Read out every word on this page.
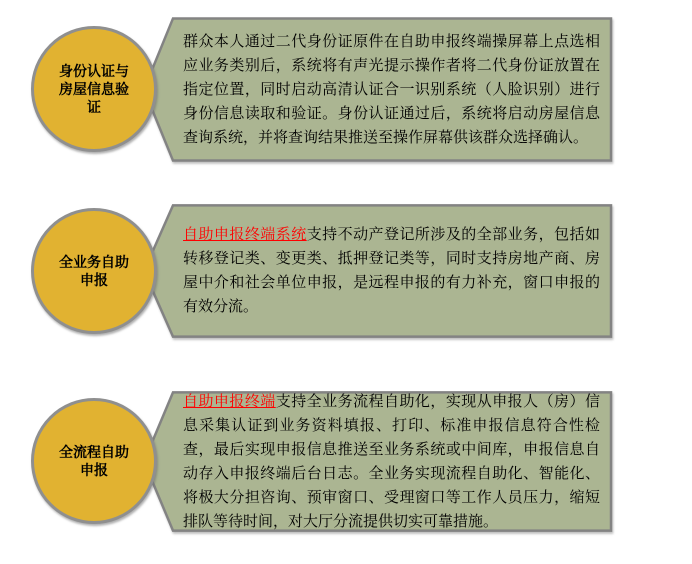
群众本人通过二代身份证原件在自助申报终端操屏幕上点选相应业务类别后，系统将有声光提示操作者将二代身份证放置在指定位置，同时启动高清认证合一识别系统（人脸识别）进行身份信息读取和验证。身份认证通过后，系统将启动房屋信息查询系统，并将查询结果推送至操作屏幕供该群众选择确认。

身份认证与房屋信息验证

自助申报终端系统支持不动产登记所涉及的全部业务，包括如转移登记类、变更类、抵押登记类等，同时支持房地产商、房屋中介和社会单位申报，是远程申报的有力补充，窗口申报的有效分流。

全业务自助申报

自助申报终端支持全业务流程自助化，实现从申报人（房）信息采集认证到业务资料填报、打印、标准申报信息符合性检查，最后实现申报信息推送至业务系统或中间库，申报信息自动存入申报终端后台日志。全业务实现流程自助化、智能化、将极大分担咨询、预审窗口、受理窗口等工作人员压力，缩短排队等待时间，对大厅分流提供切实可靠措施。

全流程自助申报
